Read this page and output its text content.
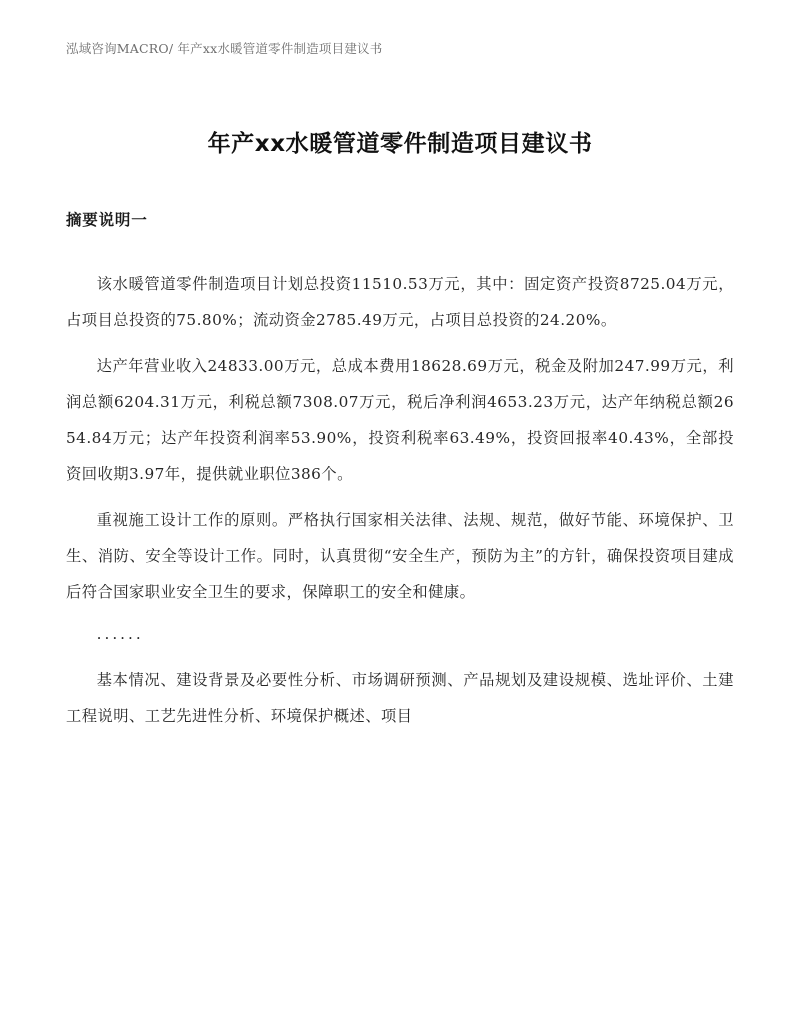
泓域咨询MACRO/ 年产xx水暖管道零件制造项目建议书
年产xx水暖管道零件制造项目建议书
摘要说明一

该水暖管道零件制造项目计划总投资11510.53万元，其中：固定资产投资8725.04万元，占项目总投资的75.80%；流动资金2785.49万元，占项目总投资的24.20%。

达产年营业收入24833.00万元，总成本费用18628.69万元，税金及附加247.99万元，利润总额6204.31万元，利税总额7308.07万元，税后净利润4653.23万元，达产年纳税总额2654.84万元；达产年投资利润率53.90%，投资利税率63.49%，投资回报率40.43%，全部投资回收期3.97年，提供就业职位386个。

重视施工设计工作的原则。严格执行国家相关法律、法规、规范，做好节能、环境保护、卫生、消防、安全等设计工作。同时，认真贯彻“安全生产，预防为主”的方针，确保投资项目建成后符合国家职业安全卫生的要求，保障职工的安全和健康。

······

基本情况、建设背景及必要性分析、市场调研预测、产品规划及建设规模、选址评价、土建工程说明、工艺先进性分析、环境保护概述、项目
